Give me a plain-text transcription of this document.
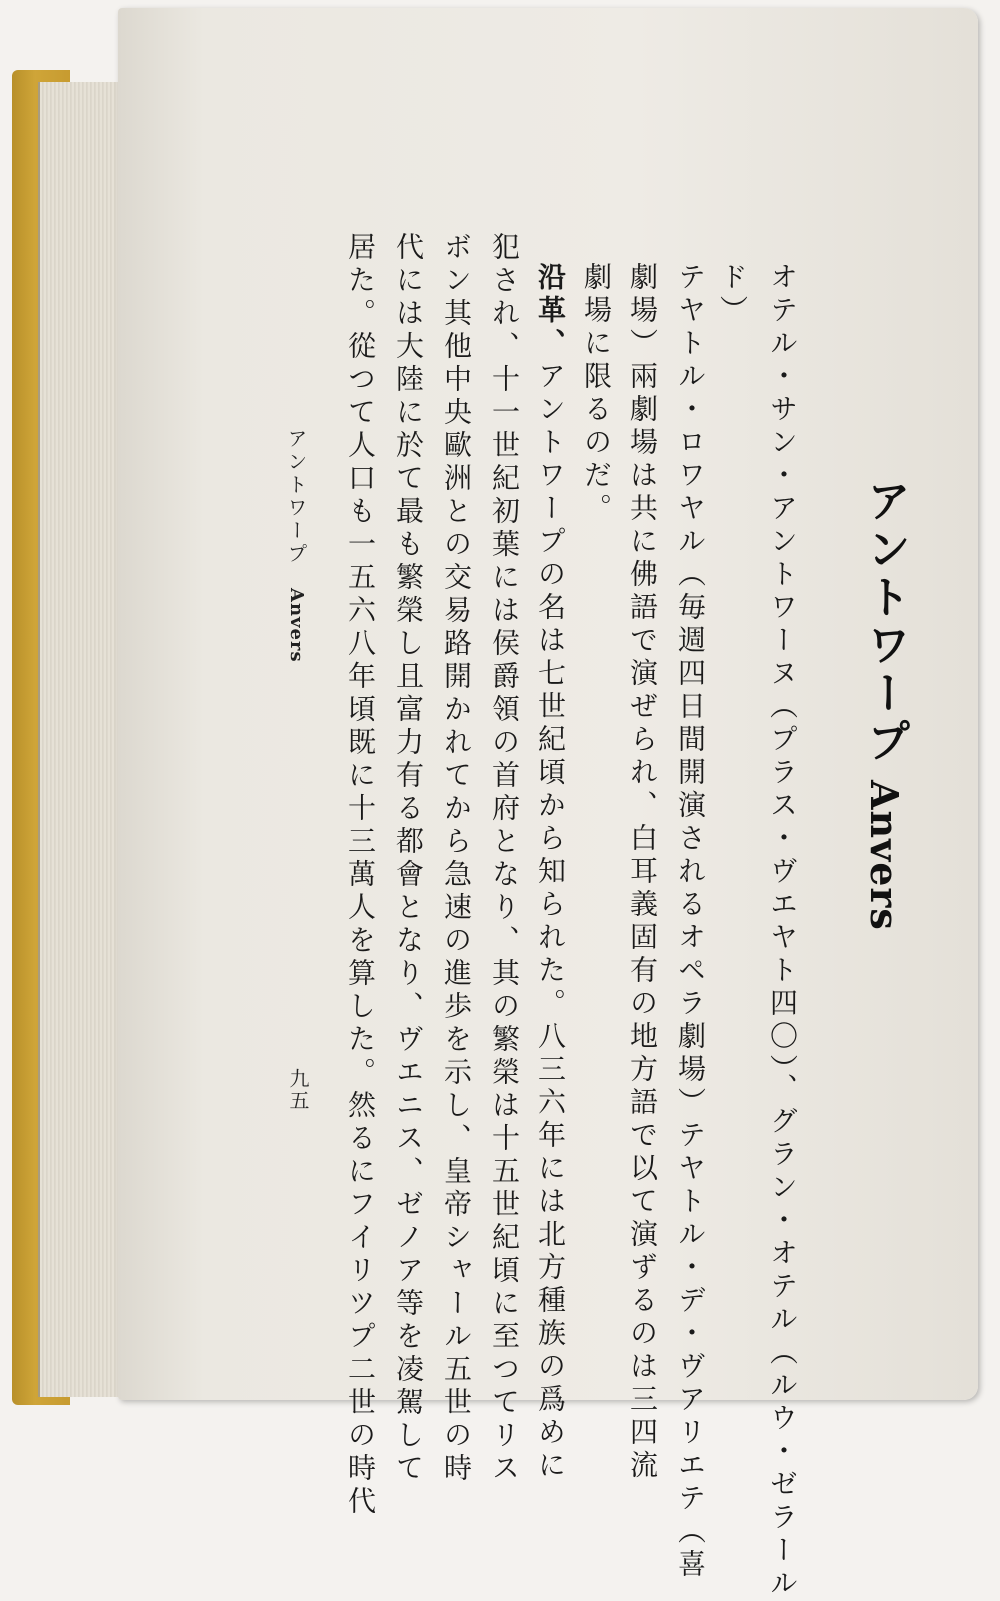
アントワープAnvers
オテル・サン・アントワーヌ（プラス・ヴエヤト四〇）、グラン・オテル（ルウ・ゼラール
ド）
テヤトル・ロワヤル（毎週四日間開演されるオペラ劇場）テヤトル・デ・ヴアリエテ（喜
劇場）兩劇場は共に佛語で演ぜられ、白耳義固有の地方語で以て演ずるのは三四流
劇場に限るのだ。
沿革、アントワープの名は七世紀頃から知られた。八三六年には北方種族の爲めに
犯され、十一世紀初葉には侯爵領の首府となり、其の繁榮は十五世紀頃に至つてリス
ボン其他中央歐洲との交易路開かれてから急速の進歩を示し、皇帝シャール五世の時
代には大陸に於て最も繁榮し且富力有る都會となり、ヴエニス、ゼノア等を凌駕して
居た。從つて人口も一五六八年頃既に十三萬人を算した。然るにフイリツプ二世の時代
アントワープAnvers
九五
